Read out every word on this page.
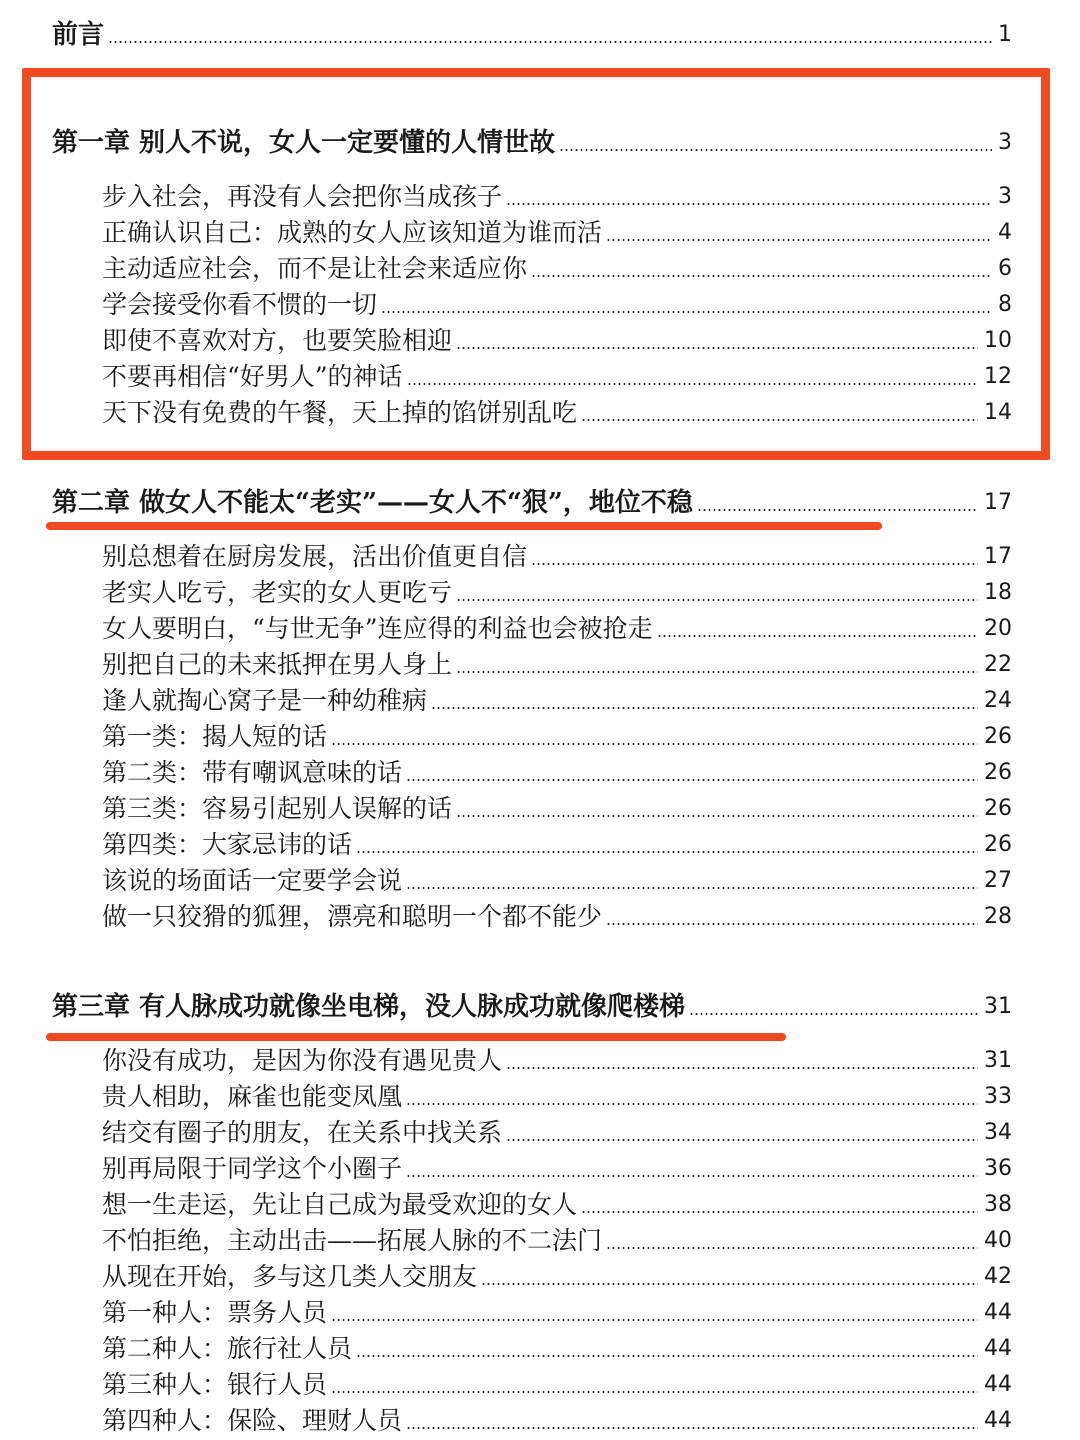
前言	1
第一章 别人不说，女人一定要懂的人情世故	3
步入社会，再没有人会把你当成孩子	3
正确认识自己：成熟的女人应该知道为谁而活	4
主动适应社会，而不是让社会来适应你	6
学会接受你看不惯的一切	8
即使不喜欢对方，也要笑脸相迎	10
不要再相信“好男人”的神话	12
天下没有免费的午餐，天上掉的馅饼别乱吃	14
第二章 做女人不能太“老实”——女人不“狠”，地位不稳	17
别总想着在厨房发展，活出价值更自信	17
老实人吃亏，老实的女人更吃亏	18
女人要明白，“与世无争”连应得的利益也会被抢走	20
别把自己的未来抵押在男人身上	22
逢人就掏心窝子是一种幼稚病	24
第一类：揭人短的话	26
第二类：带有嘲讽意味的话	26
第三类：容易引起别人误解的话	26
第四类：大家忌讳的话	26
该说的场面话一定要学会说	27
做一只狡猾的狐狸，漂亮和聪明一个都不能少	28
第三章 有人脉成功就像坐电梯，没人脉成功就像爬楼梯	31
你没有成功，是因为你没有遇见贵人	31
贵人相助，麻雀也能变凤凰	33
结交有圈子的朋友，在关系中找关系	34
别再局限于同学这个小圈子	36
想一生走运，先让自己成为最受欢迎的女人	38
不怕拒绝，主动出击——拓展人脉的不二法门	40
从现在开始，多与这几类人交朋友	42
第一种人：票务人员	44
第二种人：旅行社人员	44
第三种人：银行人员	44
第四种人：保险、理财人员	44
